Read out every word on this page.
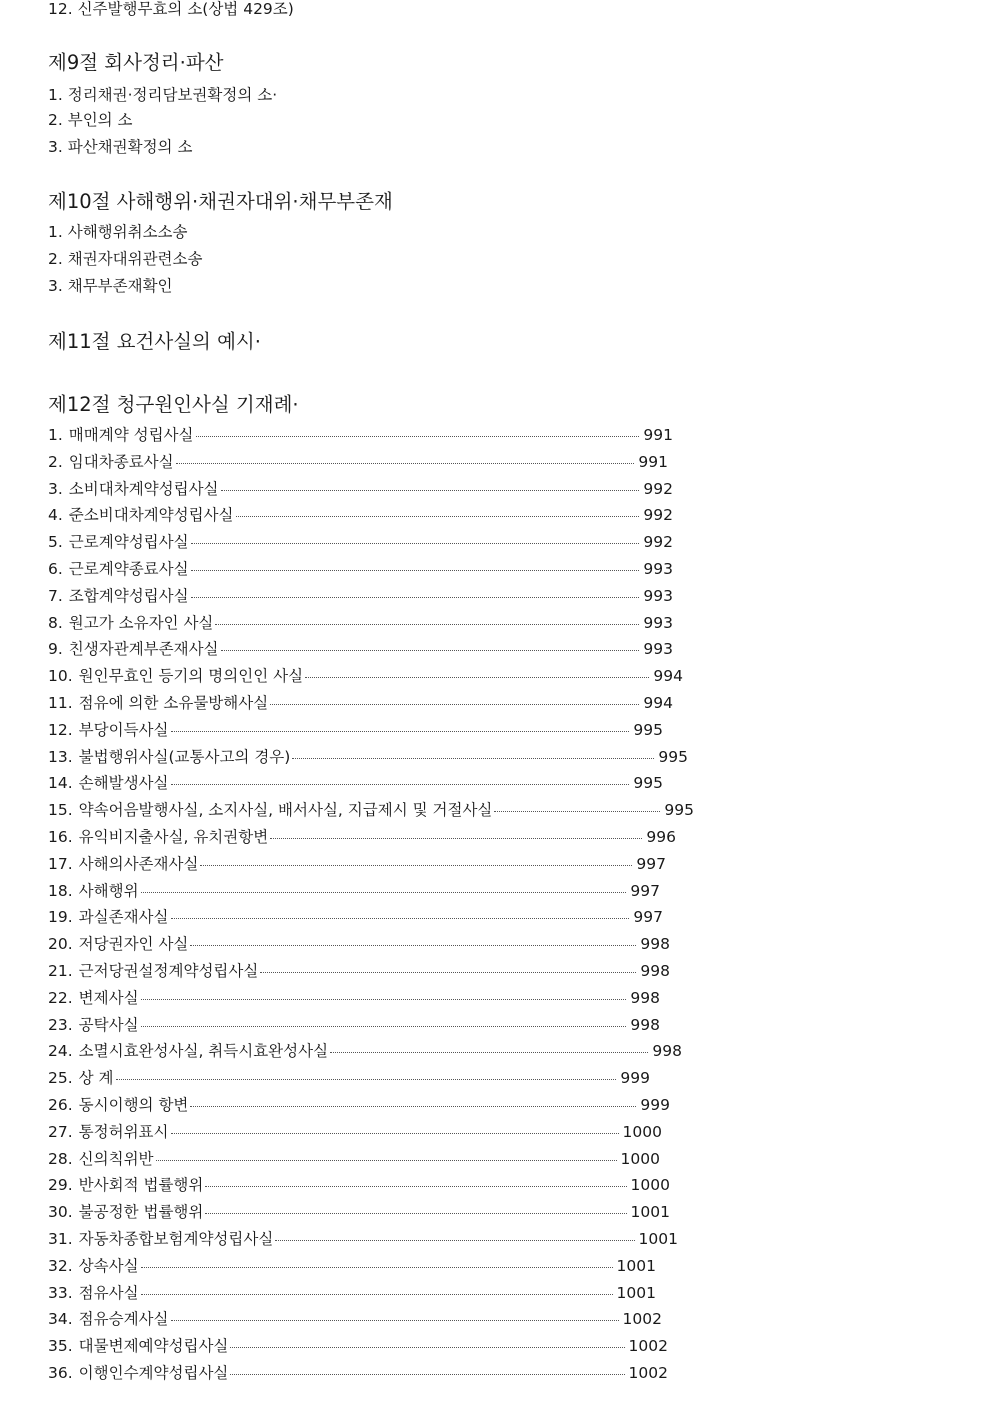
12. 신주발행무효의 소(상법 429조)
제9절 회사정리·파산
1. 정리채권·정리담보권확정의 소·
2. 부인의 소
3. 파산채권확정의 소
제10절 사해행위·채권자대위·채무부존재
1. 사해행위취소소송
2. 채권자대위관련소송
3. 채무부존재확인
제11절 요건사실의 예시·
제12절 청구원인사실 기재례·
1. 매매계약 성립사실	991
2. 임대차종료사실	991
3. 소비대차계약성립사실	992
4. 준소비대차계약성립사실	992
5. 근로계약성립사실	992
6. 근로계약종료사실	993
7. 조합계약성립사실	993
8. 원고가 소유자인 사실	993
9. 친생자관계부존재사실	993
10. 원인무효인 등기의 명의인인 사실	994
11. 점유에 의한 소유물방해사실	994
12. 부당이득사실	995
13. 불법행위사실(교통사고의 경우)	995
14. 손해발생사실	995
15. 약속어음발행사실, 소지사실, 배서사실, 지급제시 및 거절사실	995
16. 유익비지출사실, 유치권항변	996
17. 사해의사존재사실	997
18. 사해행위	997
19. 과실존재사실	997
20. 저당권자인 사실	998
21. 근저당권설정계약성립사실	998
22. 변제사실	998
23. 공탁사실	998
24. 소멸시효완성사실, 취득시효완성사실	998
25. 상 계	999
26. 동시이행의 항변	999
27. 통정허위표시	1000
28. 신의칙위반	1000
29. 반사회적 법률행위	1000
30. 불공정한 법률행위	1001
31. 자동차종합보험계약성립사실	1001
32. 상속사실	1001
33. 점유사실	1001
34. 점유승계사실	1002
35. 대물변제예약성립사실	1002
36. 이행인수계약성립사실	1002
